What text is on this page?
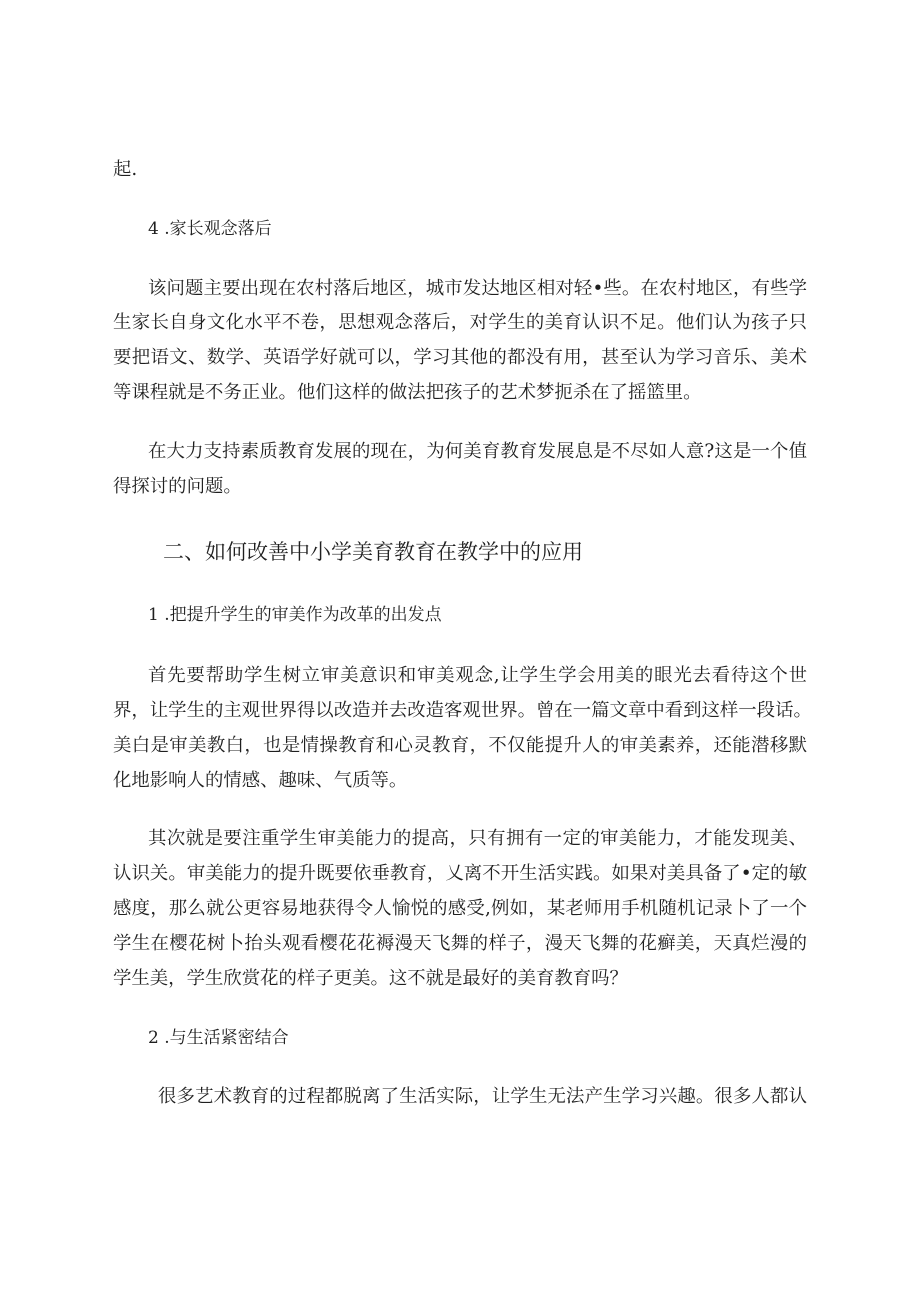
起.

4 .家长观念落后

该问题主要出现在农村落后地区，城市发达地区相对轻•些。在农村地区，有些学

生家长自身文化水平不卷，思想观念落后，对学生的美育认识不足。他们认为孩子只

要把语文、数学、英语学好就可以，学习其他的都没有用，甚至认为学习音乐、美术

等课程就是不务正业。他们这样的做法把孩子的艺术梦扼杀在了摇篮里。

在大力支持素质教育发展的现在，为何美育教育发展息是不尽如人意?这是一个值

得探讨的问题。

二、如何改善中小学美育教育在教学中的应用

1 .把提升学生的审美作为改革的出发点

首先要帮助学生树立审美意识和审美观念,让学生学会用美的眼光去看待这个世

界，让学生的主观世界得以改造并去改造客观世界。曾在一篇文章中看到这样一段话。

美白是审美教白，也是情操教育和心灵教育，不仅能提升人的审美素养，还能潜移默

化地影响人的情感、趣味、气质等。

其次就是要注重学生审美能力的提高，只有拥有一定的审美能力，才能发现美、

认识关。审美能力的提升既要依垂教育，乂离不开生活实践。如果对美具备了•定的敏

感度，那么就公更容易地获得令人愉悦的感受,例如，某老师用手机随机记录卜了一个

学生在樱花树卜抬头观看樱花花褥漫天飞舞的样子，漫天飞舞的花癣美，天真烂漫的

学生美，学生欣赏花的样子更美。这不就是最好的美育教育吗？

2 .与生活紧密结合

很多艺术教育的过程都脱离了生活实际，让学生无法产生学习兴趣。很多人都认
